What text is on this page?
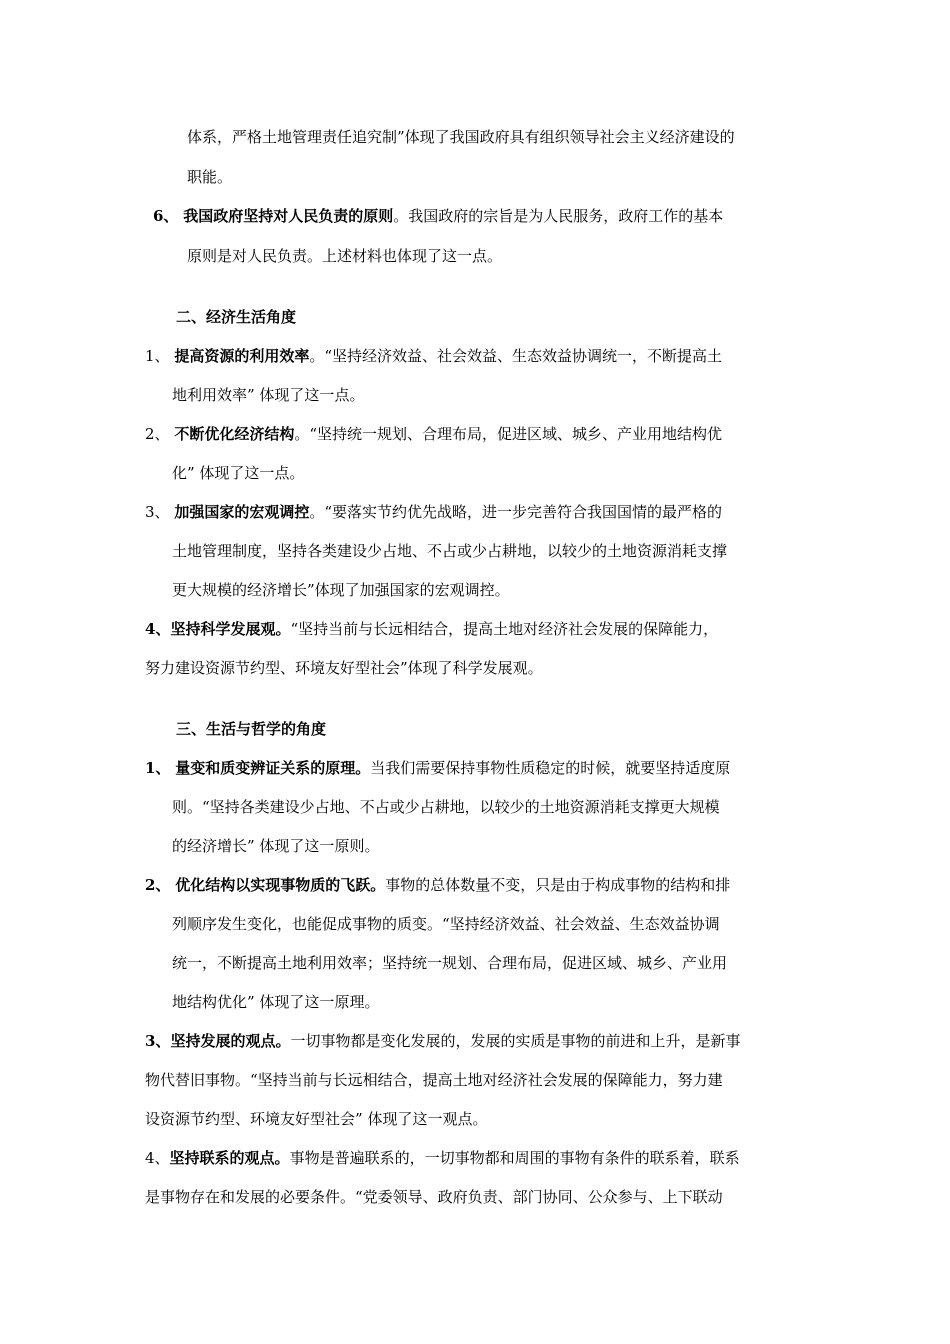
体系，严格土地管理责任追究制”体现了我国政府具有组织领导社会主义经济建设的
职能。
6、 我国政府坚持对人民负责的原则。我国政府的宗旨是为人民服务，政府工作的基本
原则是对人民负责。上述材料也体现了这一点。
二、经济生活角度
1、 提高资源的利用效率。“坚持经济效益、社会效益、生态效益协调统一，不断提高土
地利用效率” 体现了这一点。
2、 不断优化经济结构。“坚持统一规划、合理布局，促进区域、城乡、产业用地结构优
化” 体现了这一点。
3、 加强国家的宏观调控。“要落实节约优先战略，进一步完善符合我国国情的最严格的
土地管理制度，坚持各类建设少占地、不占或少占耕地，以较少的土地资源消耗支撑
更大规模的经济增长”体现了加强国家的宏观调控。
4、坚持科学发展观。“坚持当前与长远相结合，提高土地对经济社会发展的保障能力，
努力建设资源节约型、环境友好型社会”体现了科学发展观。
三、生活与哲学的角度
1、 量变和质变辨证关系的原理。当我们需要保持事物性质稳定的时候，就要坚持适度原
则。“坚持各类建设少占地、不占或少占耕地，以较少的土地资源消耗支撑更大规模
的经济增长” 体现了这一原则。
2、 优化结构以实现事物质的飞跃。事物的总体数量不变，只是由于构成事物的结构和排
列顺序发生变化，也能促成事物的质变。“坚持经济效益、社会效益、生态效益协调
统一，不断提高土地利用效率；坚持统一规划、合理布局，促进区域、城乡、产业用
地结构优化” 体现了这一原理。
3、坚持发展的观点。一切事物都是变化发展的，发展的实质是事物的前进和上升，是新事
物代替旧事物。“坚持当前与长远相结合，提高土地对经济社会发展的保障能力，努力建
设资源节约型、环境友好型社会” 体现了这一观点。
4、坚持联系的观点。事物是普遍联系的，一切事物都和周围的事物有条件的联系着，联系
是事物存在和发展的必要条件。“党委领导、政府负责、部门协同、公众参与、上下联动
